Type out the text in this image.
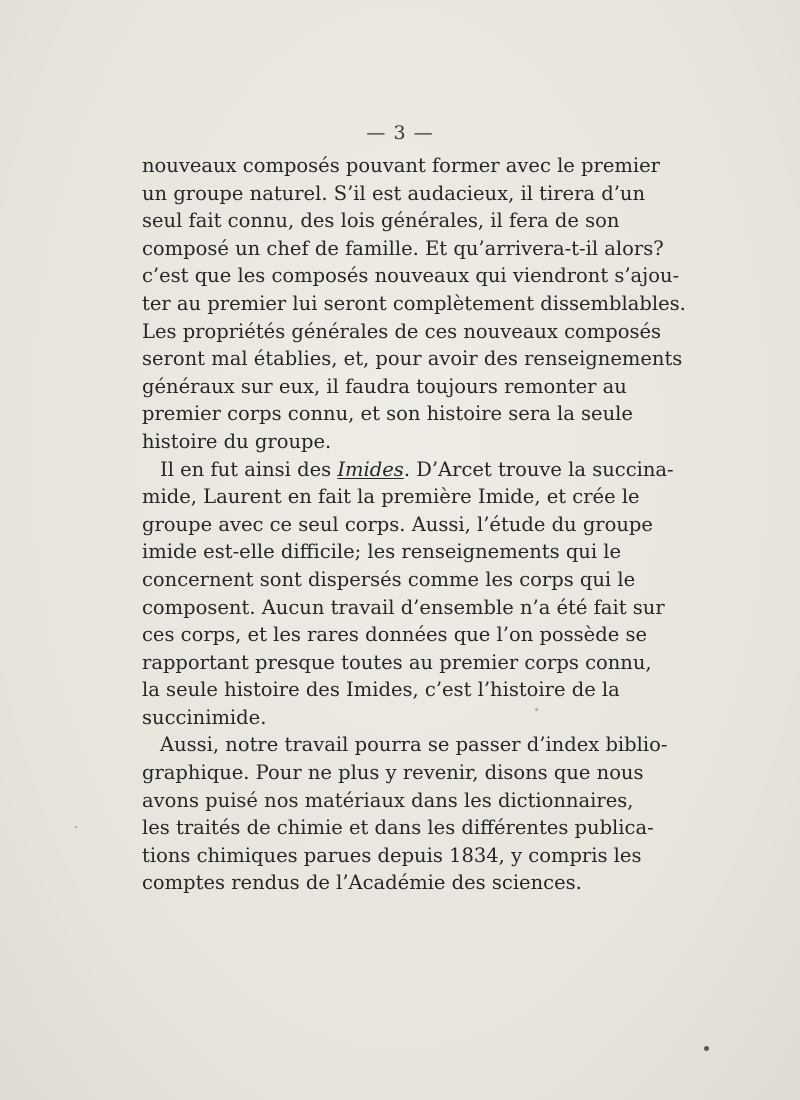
— 3 —
nouveaux composés pouvant former avec le premier
un groupe naturel. S’il est audacieux, il tirera d’un
seul fait connu, des lois générales, il fera de son
composé un chef de famille. Et qu’arrivera-t-il alors?
c’est que les composés nouveaux qui viendront s’ajou-
ter au premier lui seront complètement dissemblables.
Les propriétés générales de ces nouveaux composés
seront mal établies, et, pour avoir des renseignements
généraux sur eux, il faudra toujours remonter au
premier corps connu, et son histoire sera la seule
histoire du groupe.
Il en fut ainsi des Imides. D’Arcet trouve la succina-
mide, Laurent en fait la première Imide, et crée le
groupe avec ce seul corps. Aussi, l’étude du groupe
imide est-elle difficile; les renseignements qui le
concernent sont dispersés comme les corps qui le
composent. Aucun travail d’ensemble n’a été fait sur
ces corps, et les rares données que l’on possède se
rapportant presque toutes au premier corps connu,
la seule histoire des Imides, c’est l’histoire de la
succinimide.
Aussi, notre travail pourra se passer d’index biblio-
graphique. Pour ne plus y revenir, disons que nous
avons puisé nos matériaux dans les dictionnaires,
les traités de chimie et dans les différentes publica-
tions chimiques parues depuis 1834, y compris les
comptes rendus de l’Académie des sciences.
